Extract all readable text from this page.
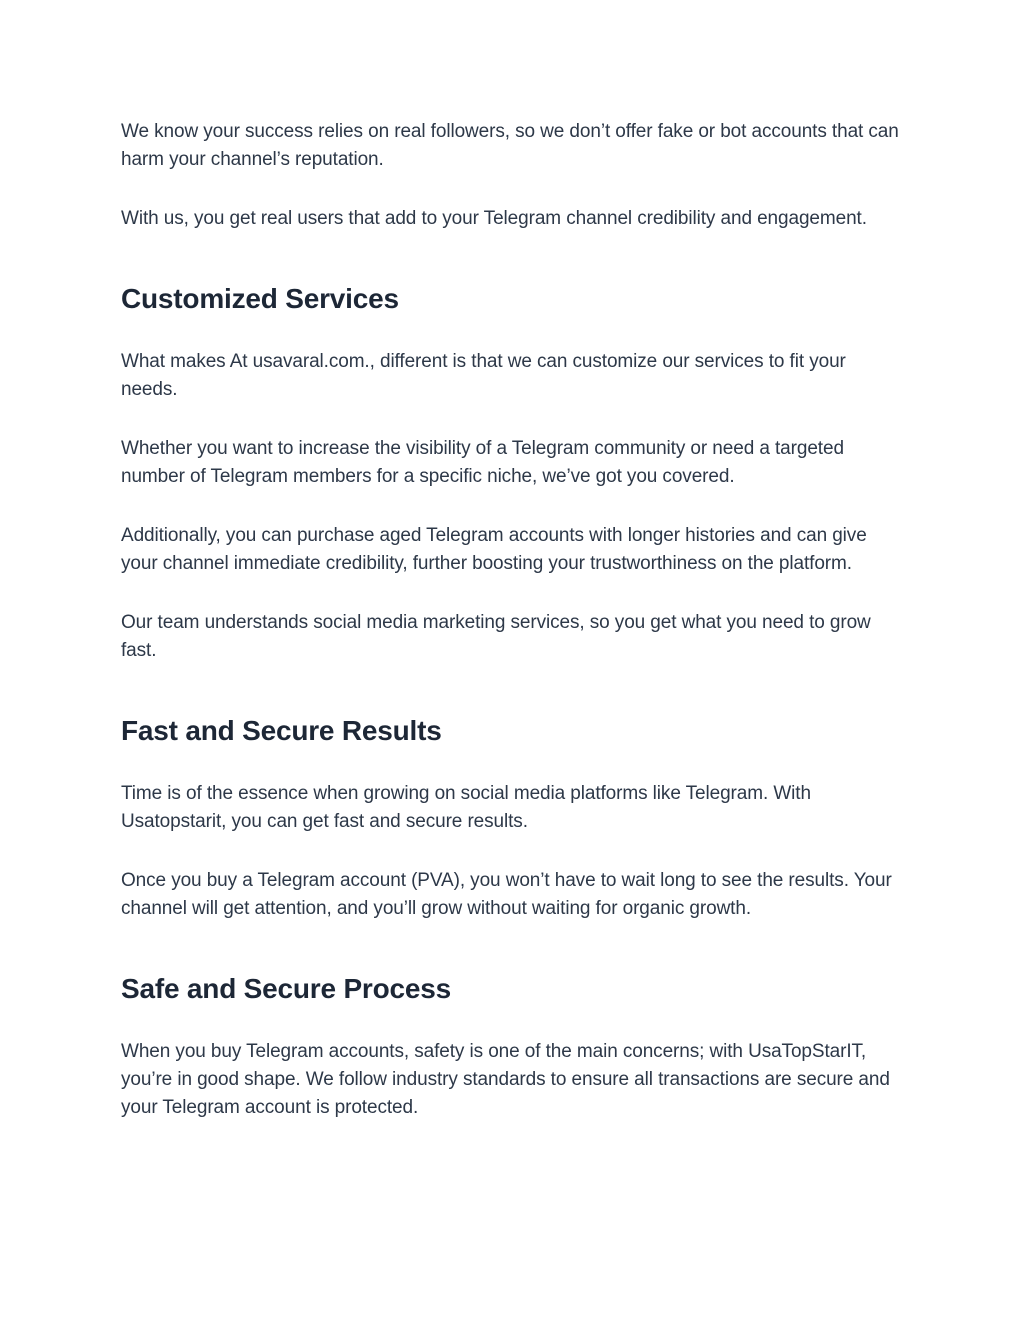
We know your success relies on real followers, so we don’t offer fake or bot accounts that can harm your channel’s reputation.

With us, you get real users that add to your Telegram channel credibility and engagement.

Customized Services

What makes At usavaral.com., different is that we can customize our services to fit your needs.

Whether you want to increase the visibility of a Telegram community or need a targeted number of Telegram members for a specific niche, we’ve got you covered.

Additionally, you can purchase aged Telegram accounts with longer histories and can give your channel immediate credibility, further boosting your trustworthiness on the platform.

Our team understands social media marketing services, so you get what you need to grow fast.

Fast and Secure Results

Time is of the essence when growing on social media platforms like Telegram. With Usatopstarit, you can get fast and secure results.

Once you buy a Telegram account (PVA), you won’t have to wait long to see the results. Your channel will get attention, and you’ll grow without waiting for organic growth.

Safe and Secure Process

When you buy Telegram accounts, safety is one of the main concerns; with UsaTopStarIT, you’re in good shape. We follow industry standards to ensure all transactions are secure and your Telegram account is protected.
